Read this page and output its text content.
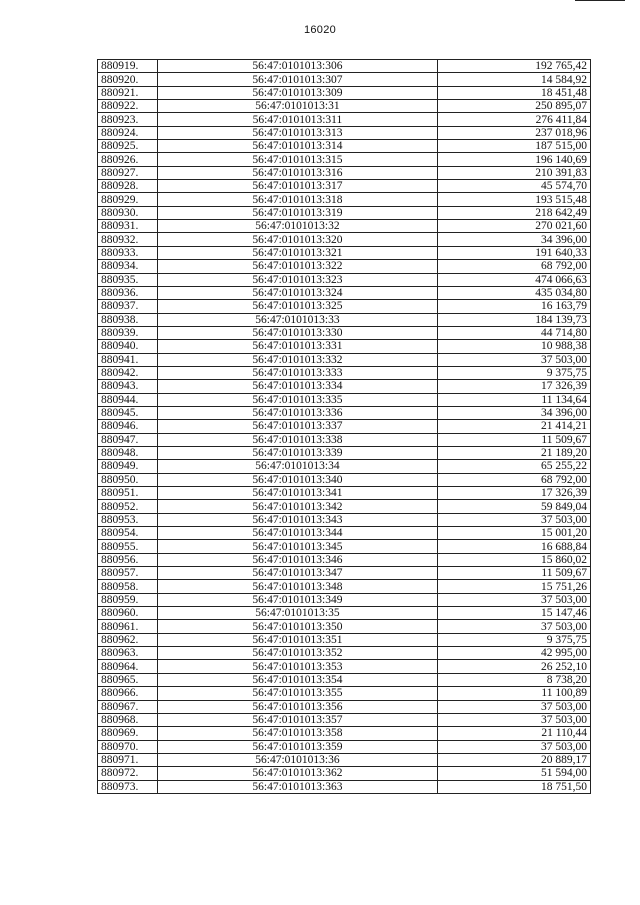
16020
880919.	56:47:0101013:306	192 765,42
880920.	56:47:0101013:307	14 584,92
880921.	56:47:0101013:309	18 451,48
880922.	56:47:0101013:31	250 895,07
880923.	56:47:0101013:311	276 411,84
880924.	56:47:0101013:313	237 018,96
880925.	56:47:0101013:314	187 515,00
880926.	56:47:0101013:315	196 140,69
880927.	56:47:0101013:316	210 391,83
880928.	56:47:0101013:317	45 574,70
880929.	56:47:0101013:318	193 515,48
880930.	56:47:0101013:319	218 642,49
880931.	56:47:0101013:32	270 021,60
880932.	56:47:0101013:320	34 396,00
880933.	56:47:0101013:321	191 640,33
880934.	56:47:0101013:322	68 792,00
880935.	56:47:0101013:323	474 066,63
880936.	56:47:0101013:324	435 034,80
880937.	56:47:0101013:325	16 163,79
880938.	56:47:0101013:33	184 139,73
880939.	56:47:0101013:330	44 714,80
880940.	56:47:0101013:331	10 988,38
880941.	56:47:0101013:332	37 503,00
880942.	56:47:0101013:333	9 375,75
880943.	56:47:0101013:334	17 326,39
880944.	56:47:0101013:335	11 134,64
880945.	56:47:0101013:336	34 396,00
880946.	56:47:0101013:337	21 414,21
880947.	56:47:0101013:338	11 509,67
880948.	56:47:0101013:339	21 189,20
880949.	56:47:0101013:34	65 255,22
880950.	56:47:0101013:340	68 792,00
880951.	56:47:0101013:341	17 326,39
880952.	56:47:0101013:342	59 849,04
880953.	56:47:0101013:343	37 503,00
880954.	56:47:0101013:344	15 001,20
880955.	56:47:0101013:345	16 688,84
880956.	56:47:0101013:346	15 860,02
880957.	56:47:0101013:347	11 509,67
880958.	56:47:0101013:348	15 751,26
880959.	56:47:0101013:349	37 503,00
880960.	56:47:0101013:35	15 147,46
880961.	56:47:0101013:350	37 503,00
880962.	56:47:0101013:351	9 375,75
880963.	56:47:0101013:352	42 995,00
880964.	56:47:0101013:353	26 252,10
880965.	56:47:0101013:354	8 738,20
880966.	56:47:0101013:355	11 100,89
880967.	56:47:0101013:356	37 503,00
880968.	56:47:0101013:357	37 503,00
880969.	56:47:0101013:358	21 110,44
880970.	56:47:0101013:359	37 503,00
880971.	56:47:0101013:36	20 889,17
880972.	56:47:0101013:362	51 594,00
880973.	56:47:0101013:363	18 751,50
